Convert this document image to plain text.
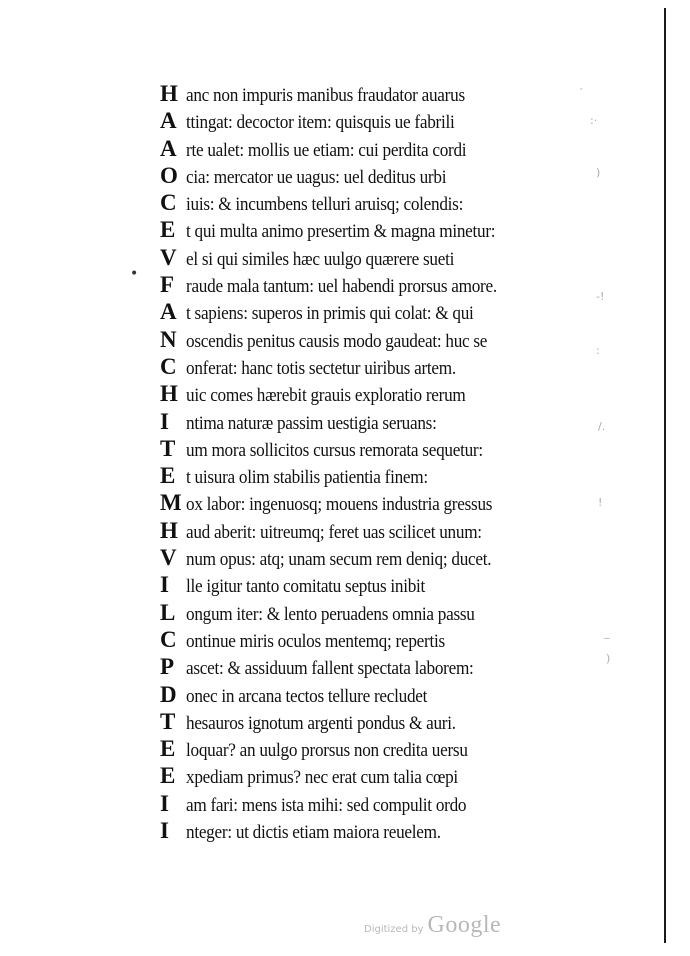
•
′
:·
)
-!
:
/.
!
_
)
H anc non impuris manibus fraudator auarus
A ttingat: decoctor item: quisquis ue fabrili
A rte ualet: mollis ue etiam: cui perdita cordi
O cia: mercator ue uagus: uel deditus urbi
C iuis: & incumbens telluri aruisq; colendis:
E t qui multa animo presertim & magna minetur:
V el si qui similes hæc uulgo quærere sueti
F raude mala tantum: uel habendi prorsus amore.
A t sapiens: superos in primis qui colat: & qui
N oscendis penitus causis modo gaudeat: huc se
C onferat: hanc totis sectetur uiribus artem.
H uic comes hærebit grauis exploratio rerum
I ntima naturæ passim uestigia seruans:
T um mora sollicitos cursus remorata sequetur:
E t uisura olim stabilis patientia finem:
M ox labor: ingenuosq; mouens industria gressus
H aud aberit: uitreumq; feret uas scilicet unum:
V num opus: atq; unam secum rem deniq; ducet.
I lle igitur tanto comitatu septus inibit
L ongum iter: & lento peruadens omnia passu
C ontinue miris oculos mentemq; repertis
P ascet: & assiduum fallent spectata laborem:
D onec in arcana tectos tellure recludet
T hesauros ignotum argenti pondus & auri.
E loquar? an uulgo prorsus non credita uersu
E xpediam primus? nec erat cum talia cœpi
I am fari: mens ista mihi: sed compulit ordo
I nteger: ut dictis etiam maiora reuelem.
Digitized by Google
